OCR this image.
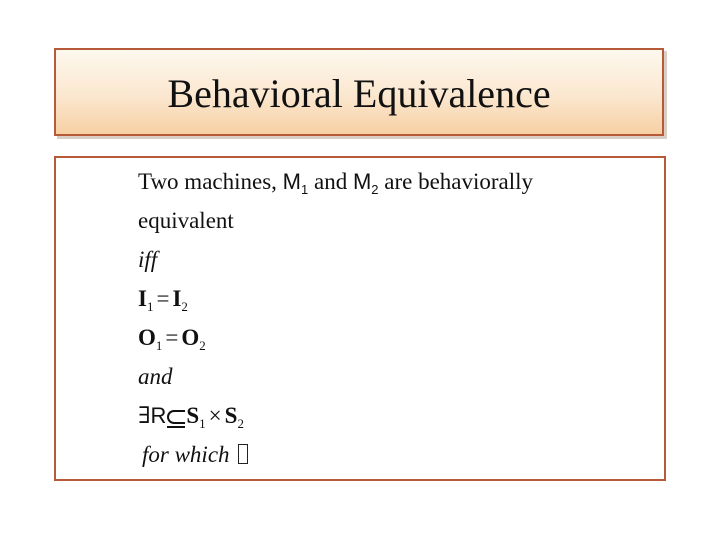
Behavioral Equivalence
Two machines, $M_1$ and $M_2$ are behaviorally
equivalent
iff
$I_1 = I_2$
$O_1 = O_2$
and
∃R $S_1 \times S_2$
for which
